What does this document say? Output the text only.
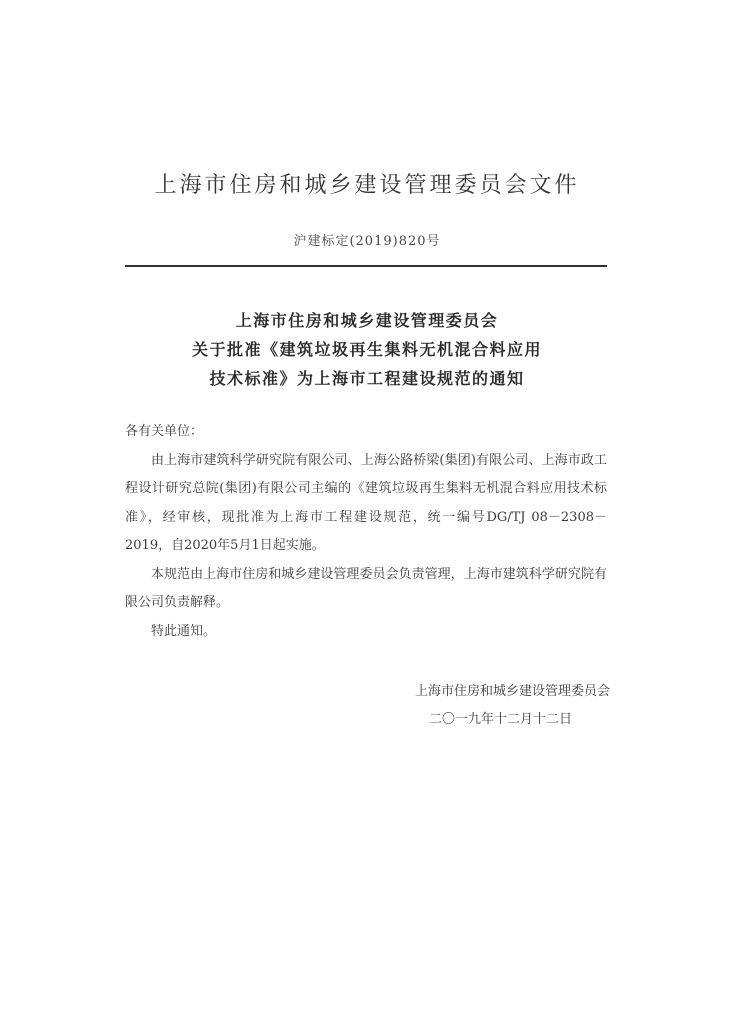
上海市住房和城乡建设管理委员会文件
沪建标定(2019)820号
上海市住房和城乡建设管理委员会
关于批准《建筑垃圾再生集料无机混合料应用
技术标准》为上海市工程建设规范的通知
各有关单位：
由上海市建筑科学研究院有限公司、上海公路桥梁(集团)有限公司、上海市政工程设计研究总院(集团)有限公司主编的《建筑垃圾再生集料无机混合料应用技术标准》，经审核，现批准为上海市工程建设规范，统一编号DG/TJ 08－2308－2019，自2020年5月1日起实施。
本规范由上海市住房和城乡建设管理委员会负责管理，上海市建筑科学研究院有限公司负责解释。
特此通知。
上海市住房和城乡建设管理委员会
二〇一九年十二月十二日
